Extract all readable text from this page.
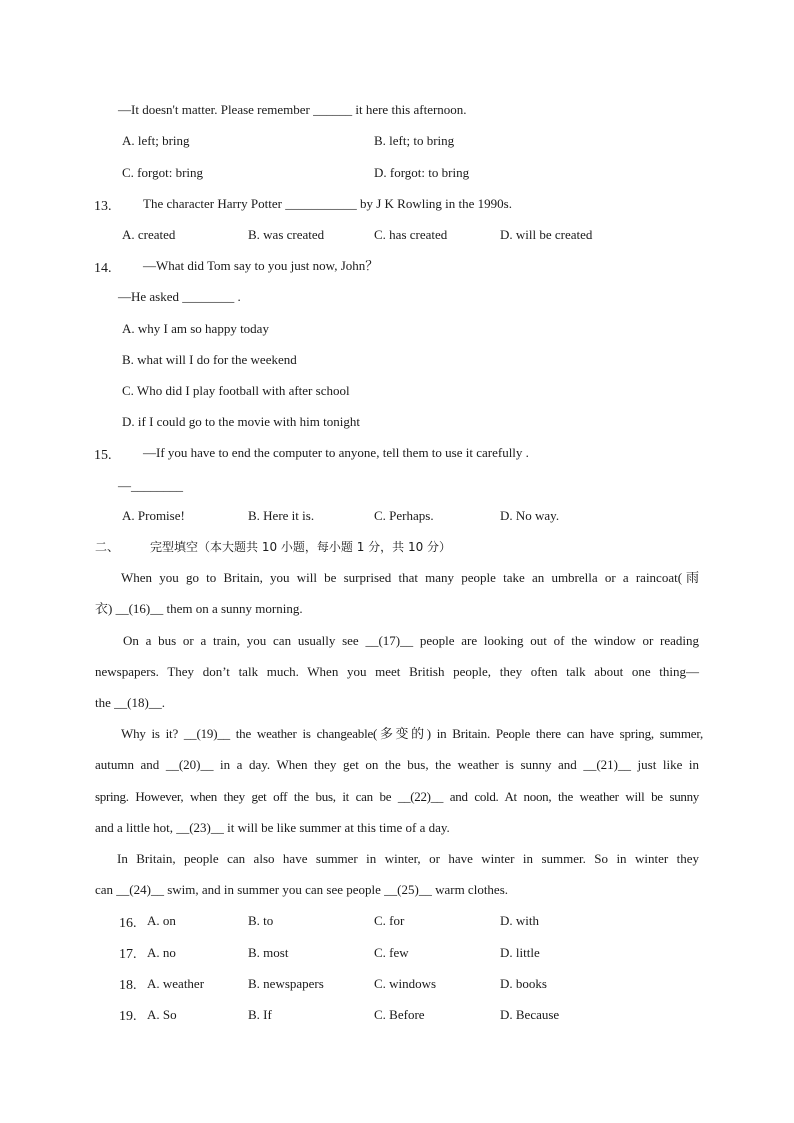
—It doesn't matter. Please remember ______ it here this afternoon.
A. left; bring	B. left; to bring
C. forgot: bring	D. forgot: to bring
13. The character Harry Potter ___________ by J K Rowling in the 1990s.
A. created	B. was created	C. has created	D. will be created
14. —What did Tom say to you just now, John？
—He asked ________ .
A. why I am so happy today
B. what will I do for the weekend
C. Who did I play football with after school
D. if I could go to the movie with him tonight
15. —If you have to end the computer to anyone, tell them to use it carefully .
—________
A. Promise!	B. Here it is.	C. Perhaps.	D. No way.
二、	完型填空（本大题共 10 小题，每小题 1 分，共 10 分）
When you go to Britain, you will be surprised that many people take an umbrella or a raincoat(雨
衣) __(16)__ them on a sunny morning.
On a bus or a train, you can usually see __(17)__ people are looking out of the window or reading
newspapers. They don’t talk much. When you meet British people, they often talk about one thing—
the __(18)__.
Why is it? __(19)__ the weather is changeable(多变的) in Britain. People there can have spring, summer,
autumn and __(20)__ in a day. When they get on the bus, the weather is sunny and __(21)__ just like in
spring. However, when they get off the bus, it can be __(22)__ and cold. At noon, the weather will be sunny
and a little hot, __(23)__ it will be like summer at this time of a day.
In Britain, people can also have summer in winter, or have winter in summer. So in winter they
can __(24)__ swim, and in summer you can see people __(25)__ warm clothes.
16. A. on	B. to	C. for	D. with
17. A. no	B. most	C. few	D. little
18. A. weather	B. newspapers	C. windows	D. books
19. A. So	B. If	C. Before	D. Because
